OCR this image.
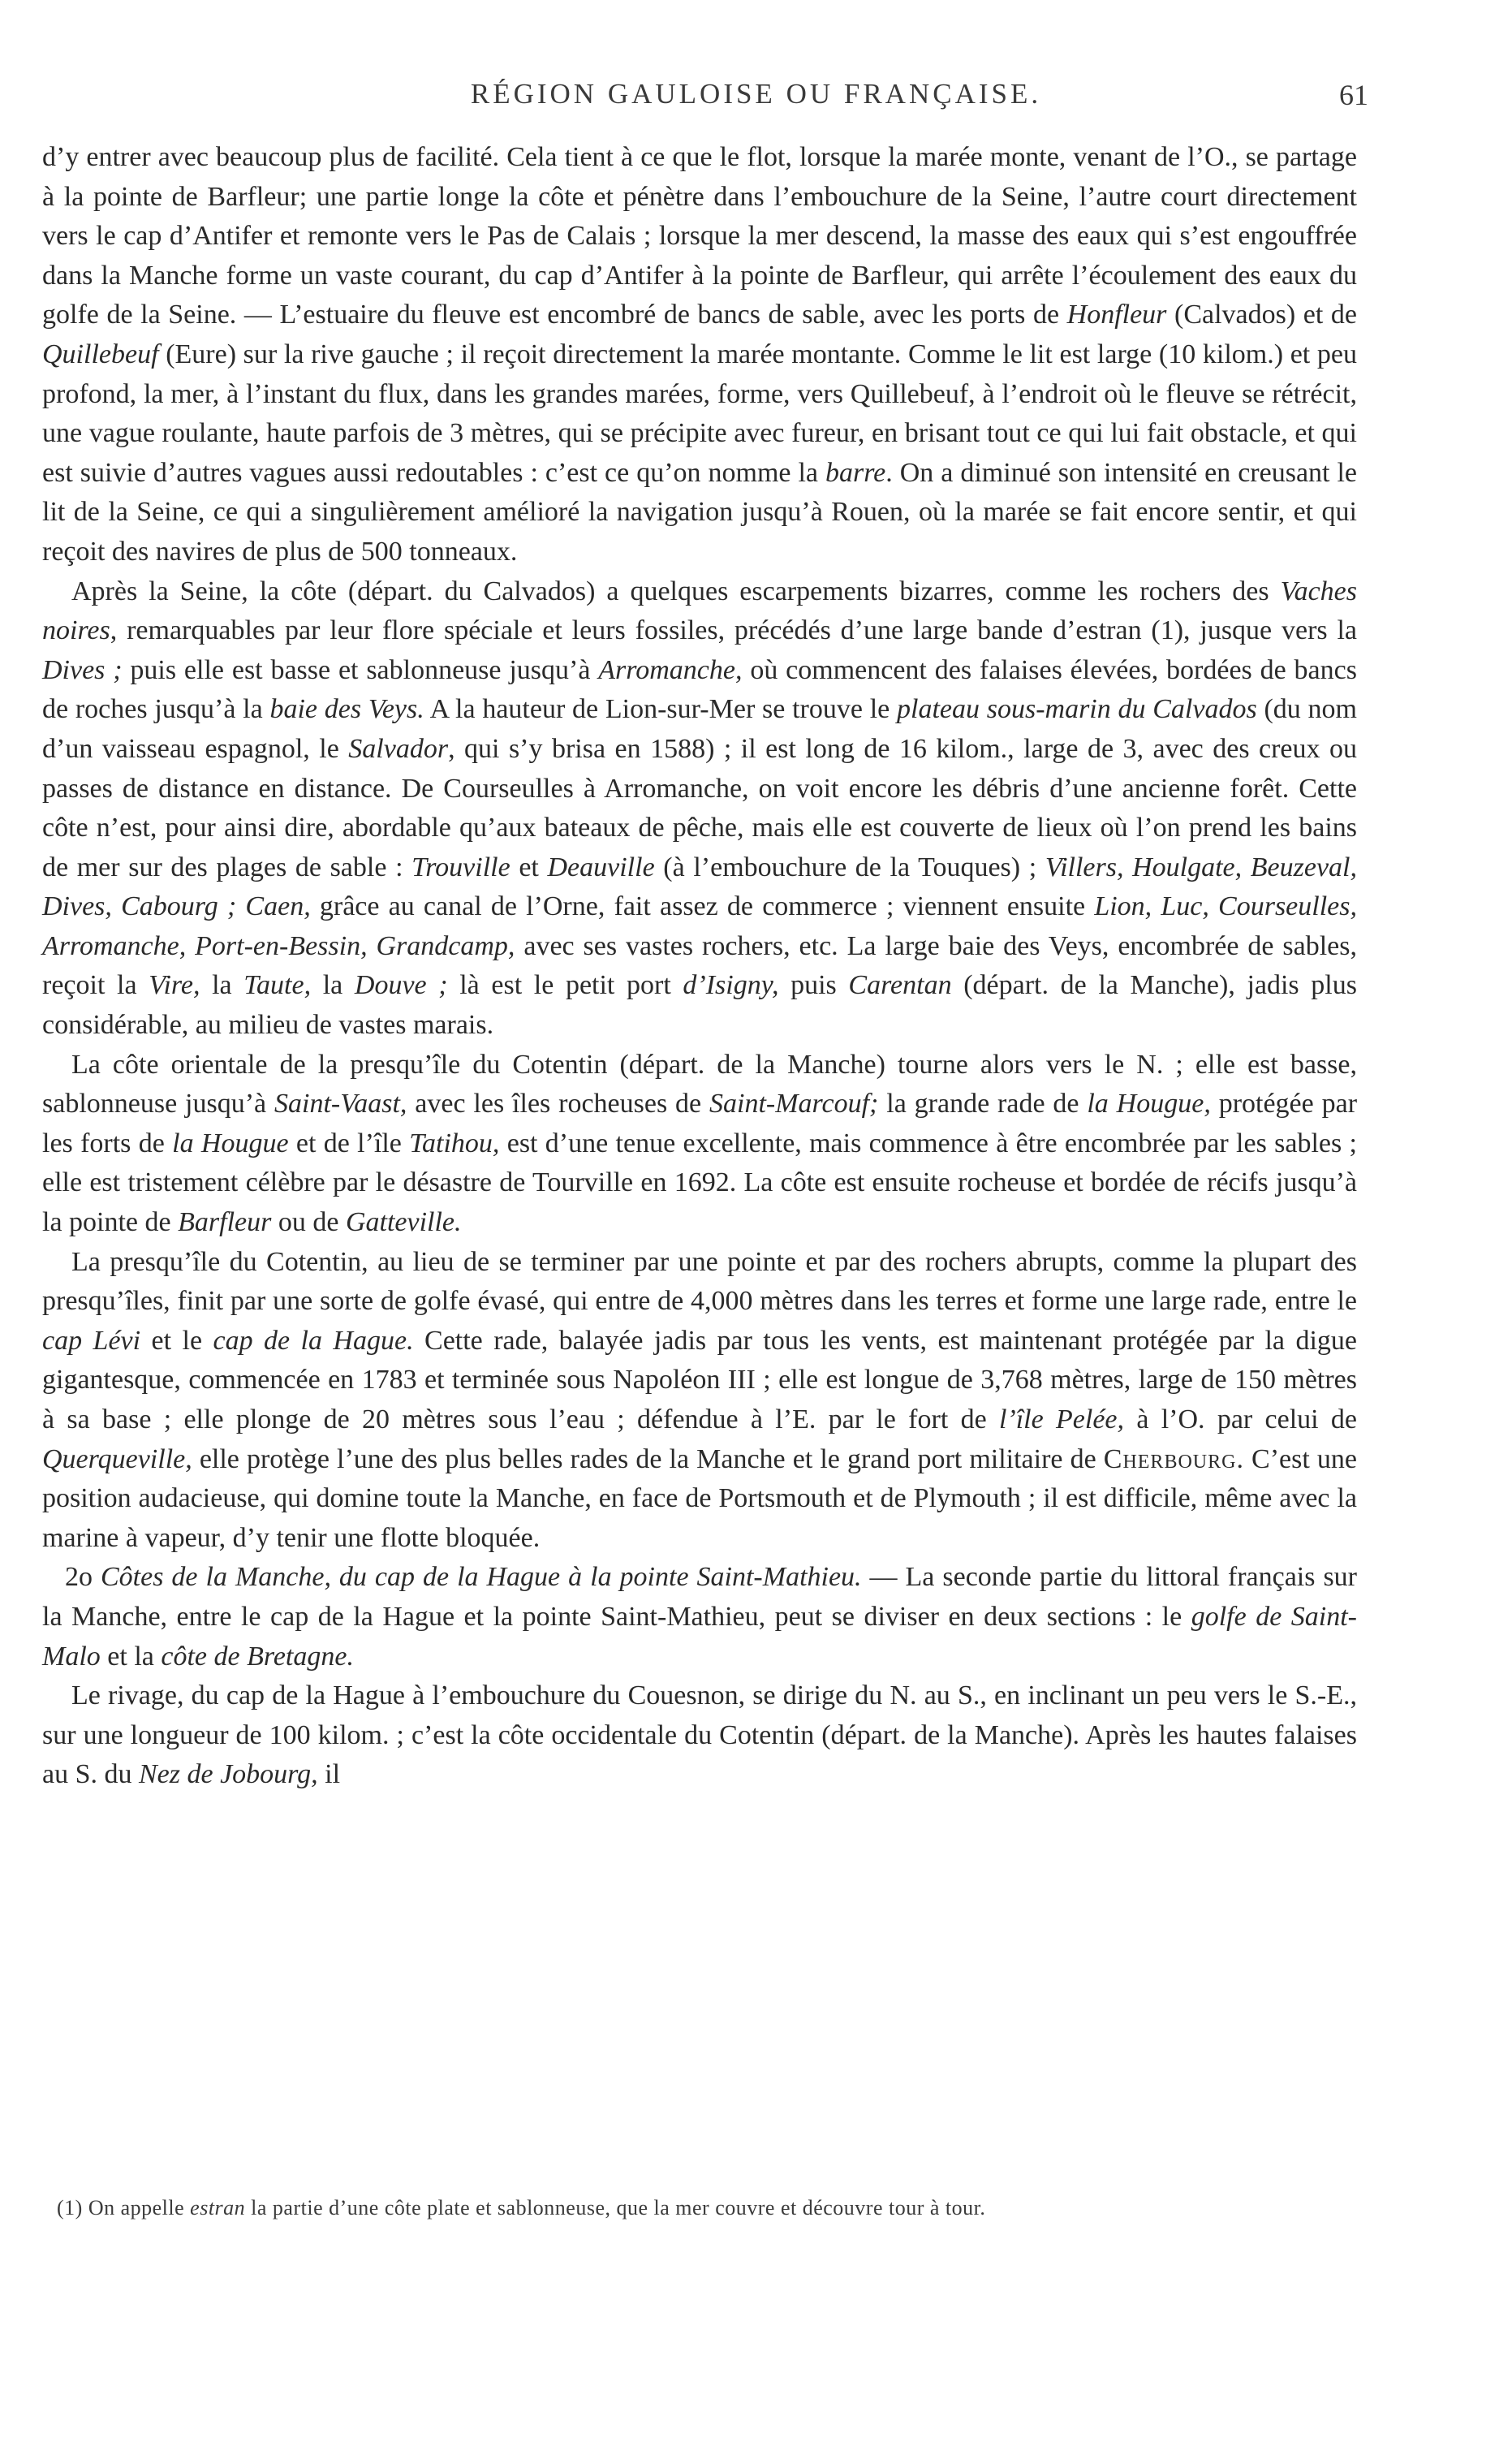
RÉGION GAULOISE OU FRANÇAISE.	61

d’y entrer avec beaucoup plus de facilité. Cela tient à ce que le flot, lorsque la marée monte, venant de l’O., se partage à la pointe de Barfleur; une partie longe la côte et pénètre dans l’embouchure de la Seine, l’autre court directement vers le cap d’Antifer et remonte vers le Pas de Calais ; lorsque la mer descend, la masse des eaux qui s’est engouffrée dans la Manche forme un vaste courant, du cap d’Antifer à la pointe de Barfleur, qui arrête l’écoulement des eaux du golfe de la Seine. — L’estuaire du fleuve est encombré de bancs de sable, avec les ports de Honfleur (Calvados) et de Quillebeuf (Eure) sur la rive gauche ; il reçoit directement la marée montante. Comme le lit est large (10 kilom.) et peu profond, la mer, à l’instant du flux, dans les grandes marées, forme, vers Quillebeuf, à l’endroit où le fleuve se rétrécit, une vague roulante, haute parfois de 3 mètres, qui se précipite avec fureur, en brisant tout ce qui lui fait obstacle, et qui est suivie d’autres vagues aussi redoutables : c’est ce qu’on nomme la barre. On a diminué son intensité en creusant le lit de la Seine, ce qui a singulièrement amélioré la navigation jusqu’à Rouen, où la marée se fait encore sentir, et qui reçoit des navires de plus de 500 tonneaux.

Après la Seine, la côte (départ. du Calvados) a quelques escarpements bizarres, comme les rochers des Vaches noires, remarquables par leur flore spéciale et leurs fossiles, précédés d’une large bande d’estran (1), jusque vers la Dives ; puis elle est basse et sablonneuse jusqu’à Arromanche, où commencent des falaises élevées, bordées de bancs de roches jusqu’à la baie des Veys. A la hauteur de Lion-sur-Mer se trouve le plateau sous-marin du Calvados (du nom d’un vaisseau espagnol, le Salvador, qui s’y brisa en 1588) ; il est long de 16 kilom., large de 3, avec des creux ou passes de distance en distance. De Courseulles à Arromanche, on voit encore les débris d’une ancienne forêt. Cette côte n’est, pour ainsi dire, abordable qu’aux bateaux de pêche, mais elle est couverte de lieux où l’on prend les bains de mer sur des plages de sable : Trouville et Deauville (à l’embouchure de la Touques) ; Villers, Houlgate, Beuzeval, Dives, Cabourg ; Caen, grâce au canal de l’Orne, fait assez de commerce ; viennent ensuite Lion, Luc, Courseulles, Arromanche, Port-en-Bessin, Grandcamp, avec ses vastes rochers, etc. La large baie des Veys, encombrée de sables, reçoit la Vire, la Taute, la Douve ; là est le petit port d’Isigny, puis Carentan (départ. de la Manche), jadis plus considérable, au milieu de vastes marais.

La côte orientale de la presqu’île du Cotentin (départ. de la Manche) tourne alors vers le N. ; elle est basse, sablonneuse jusqu’à Saint-Vaast, avec les îles rocheuses de Saint-Marcouf; la grande rade de la Hougue, protégée par les forts de la Hougue et de l’île Tatihou, est d’une tenue excellente, mais commence à être encombrée par les sables ; elle est tristement célèbre par le désastre de Tourville en 1692. La côte est ensuite rocheuse et bordée de récifs jusqu’à la pointe de Barfleur ou de Gatteville.

La presqu’île du Cotentin, au lieu de se terminer par une pointe et par des rochers abrupts, comme la plupart des presqu’îles, finit par une sorte de golfe évasé, qui entre de 4,000 mètres dans les terres et forme une large rade, entre le cap Lévi et le cap de la Hague. Cette rade, balayée jadis par tous les vents, est maintenant protégée par la digue gigantesque, commencée en 1783 et terminée sous Napoléon III ; elle est longue de 3,768 mètres, large de 150 mètres à sa base ; elle plonge de 20 mètres sous l’eau ; défendue à l’E. par le fort de l’île Pelée, à l’O. par celui de Querqueville, elle protège l’une des plus belles rades de la Manche et le grand port militaire de Cherbourg. C’est une position audacieuse, qui domine toute la Manche, en face de Portsmouth et de Plymouth ; il est difficile, même avec la marine à vapeur, d’y tenir une flotte bloquée.

2o Côtes de la Manche, du cap de la Hague à la pointe Saint-Mathieu. — La seconde partie du littoral français sur la Manche, entre le cap de la Hague et la pointe Saint-Mathieu, peut se diviser en deux sections : le golfe de Saint-Malo et la côte de Bretagne.

Le rivage, du cap de la Hague à l’embouchure du Couesnon, se dirige du N. au S., en inclinant un peu vers le S.-E., sur une longueur de 100 kilom. ; c’est la côte occidentale du Cotentin (départ. de la Manche). Après les hautes falaises au S. du Nez de Jobourg, il

(1) On appelle estran la partie d’une côte plate et sablonneuse, que la mer couvre et découvre tour à tour.
